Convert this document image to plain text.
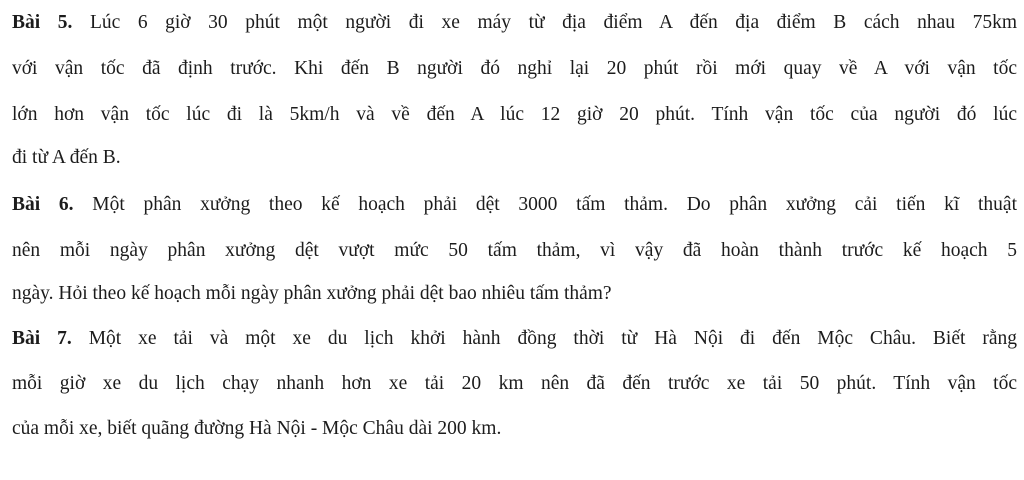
Bài 5. Lúc 6 giờ 30 phút một người đi xe máy từ địa điểm A đến địa điểm B cách nhau 75km
với vận tốc đã định trước. Khi đến B người đó nghỉ lại 20 phút rồi mới quay về A với vận tốc
lớn hơn vận tốc lúc đi là 5km/h và về đến A lúc 12 giờ 20 phút. Tính vận tốc của người đó lúc
đi từ A đến B.
Bài 6. Một phân xưởng theo kế hoạch phải dệt 3000 tấm thảm. Do phân xưởng cải tiến kĩ thuật
nên mỗi ngày phân xưởng dệt vượt mức 50 tấm thảm, vì vậy đã hoàn thành trước kế hoạch 5
ngày. Hỏi theo kế hoạch mỗi ngày phân xưởng phải dệt bao nhiêu tấm thảm?
Bài 7. Một xe tải và một xe du lịch khởi hành đồng thời từ Hà Nội đi đến Mộc Châu. Biết rằng
mỗi giờ xe du lịch chạy nhanh hơn xe tải 20 km nên đã đến trước xe tải 50 phút. Tính vận tốc
của mỗi xe, biết quãng đường Hà Nội - Mộc Châu dài 200 km.
